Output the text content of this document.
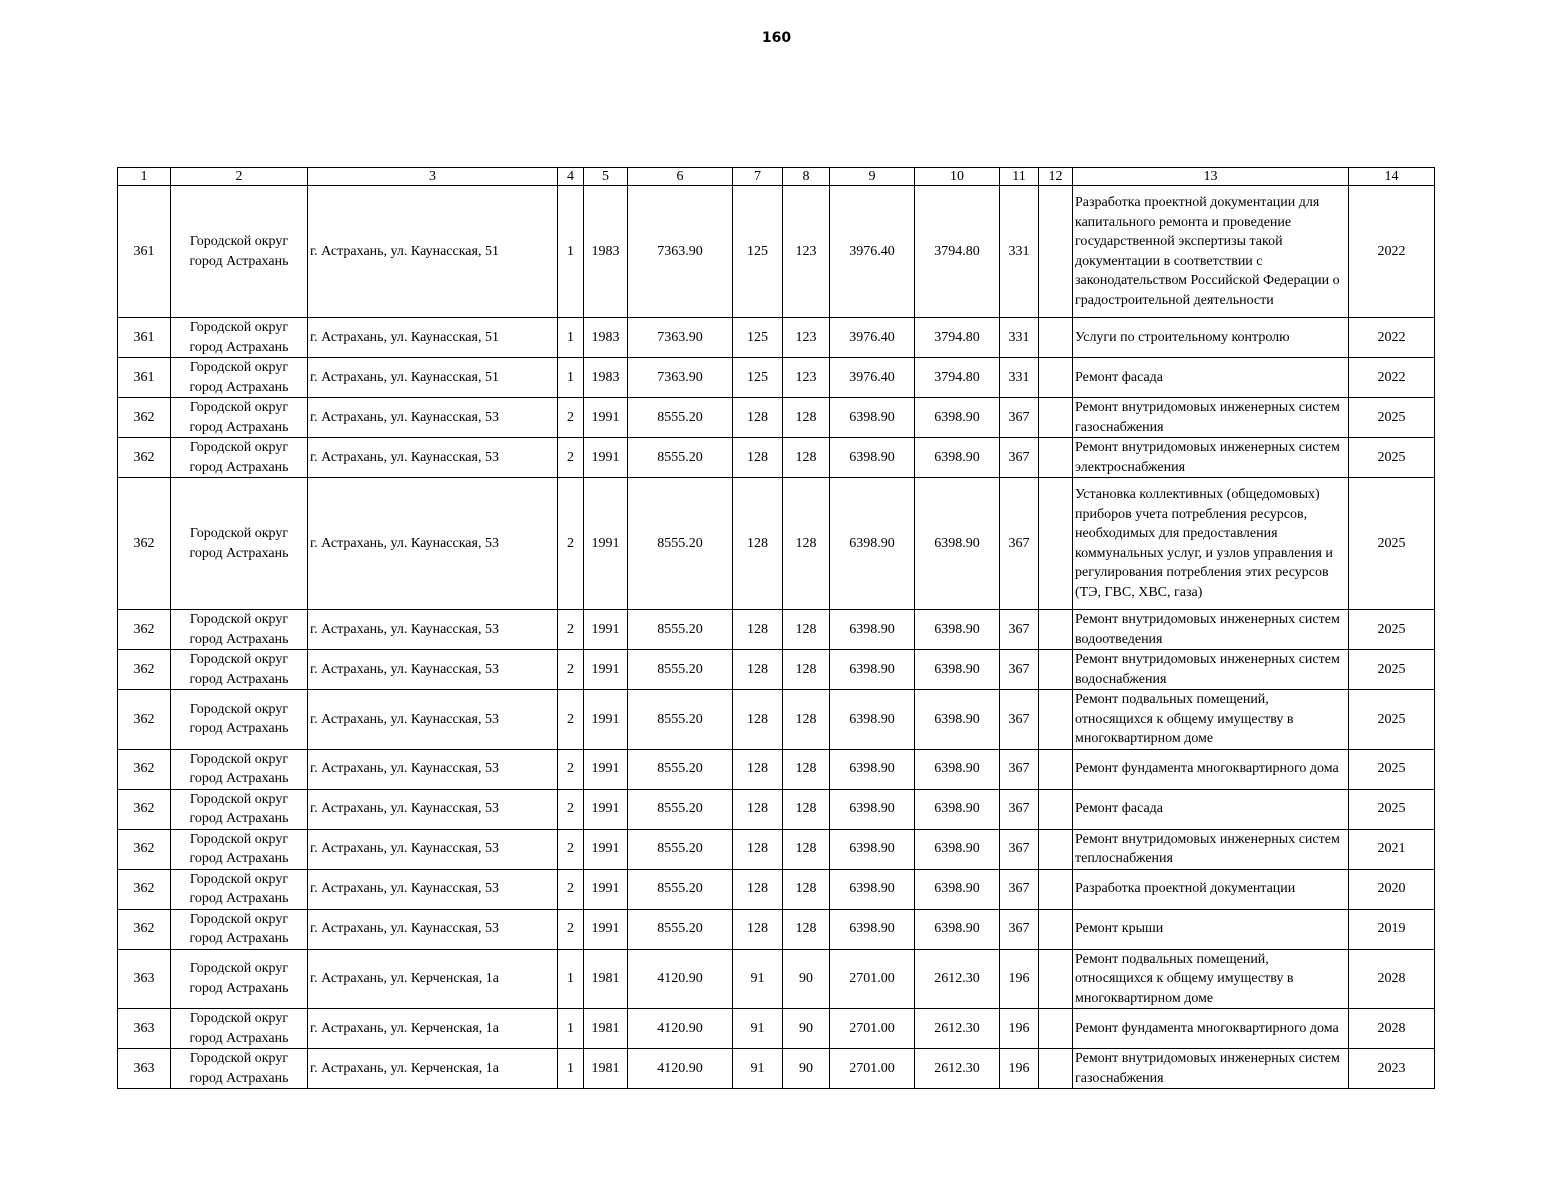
160
1	2	3	4	5	6	7	8	9	10	11	12	13	14
361	Городской округ город Астрахань	г. Астрахань, ул. Каунасская, 51	1	1983	7363.90	125	123	3976.40	3794.80	331		Разработка проектной документации для капитального ремонта и проведение государственной экспертизы такой документации в соответствии с законодательством Российской Федерации о градостроительной деятельности	2022
361	Городской округ город Астрахань	г. Астрахань, ул. Каунасская, 51	1	1983	7363.90	125	123	3976.40	3794.80	331		Услуги по строительному контролю	2022
361	Городской округ город Астрахань	г. Астрахань, ул. Каунасская, 51	1	1983	7363.90	125	123	3976.40	3794.80	331		Ремонт фасада	2022
362	Городской округ город Астрахань	г. Астрахань, ул. Каунасская, 53	2	1991	8555.20	128	128	6398.90	6398.90	367		Ремонт внутридомовых инженерных систем газоснабжения	2025
362	Городской округ город Астрахань	г. Астрахань, ул. Каунасская, 53	2	1991	8555.20	128	128	6398.90	6398.90	367		Ремонт внутридомовых инженерных систем электроснабжения	2025
362	Городской округ город Астрахань	г. Астрахань, ул. Каунасская, 53	2	1991	8555.20	128	128	6398.90	6398.90	367		Установка коллективных (общедомовых) приборов учета потребления ресурсов, необходимых для предоставления коммунальных услуг, и узлов управления и регулирования потребления этих ресурсов (ТЭ, ГВС, ХВС, газа)	2025
362	Городской округ город Астрахань	г. Астрахань, ул. Каунасская, 53	2	1991	8555.20	128	128	6398.90	6398.90	367		Ремонт внутридомовых инженерных систем водоотведения	2025
362	Городской округ город Астрахань	г. Астрахань, ул. Каунасская, 53	2	1991	8555.20	128	128	6398.90	6398.90	367		Ремонт внутридомовых инженерных систем водоснабжения	2025
362	Городской округ город Астрахань	г. Астрахань, ул. Каунасская, 53	2	1991	8555.20	128	128	6398.90	6398.90	367		Ремонт подвальных помещений, относящихся к общему имуществу в многоквартирном доме	2025
362	Городской округ город Астрахань	г. Астрахань, ул. Каунасская, 53	2	1991	8555.20	128	128	6398.90	6398.90	367		Ремонт фундамента многоквартирного дома	2025
362	Городской округ город Астрахань	г. Астрахань, ул. Каунасская, 53	2	1991	8555.20	128	128	6398.90	6398.90	367		Ремонт фасада	2025
362	Городской округ город Астрахань	г. Астрахань, ул. Каунасская, 53	2	1991	8555.20	128	128	6398.90	6398.90	367		Ремонт внутридомовых инженерных систем теплоснабжения	2021
362	Городской округ город Астрахань	г. Астрахань, ул. Каунасская, 53	2	1991	8555.20	128	128	6398.90	6398.90	367		Разработка проектной документации	2020
362	Городской округ город Астрахань	г. Астрахань, ул. Каунасская, 53	2	1991	8555.20	128	128	6398.90	6398.90	367		Ремонт крыши	2019
363	Городской округ город Астрахань	г. Астрахань, ул. Керченская, 1а	1	1981	4120.90	91	90	2701.00	2612.30	196		Ремонт подвальных помещений, относящихся к общему имуществу в многоквартирном доме	2028
363	Городской округ город Астрахань	г. Астрахань, ул. Керченская, 1а	1	1981	4120.90	91	90	2701.00	2612.30	196		Ремонт фундамента многоквартирного дома	2028
363	Городской округ город Астрахань	г. Астрахань, ул. Керченская, 1а	1	1981	4120.90	91	90	2701.00	2612.30	196		Ремонт внутридомовых инженерных систем газоснабжения	2023
